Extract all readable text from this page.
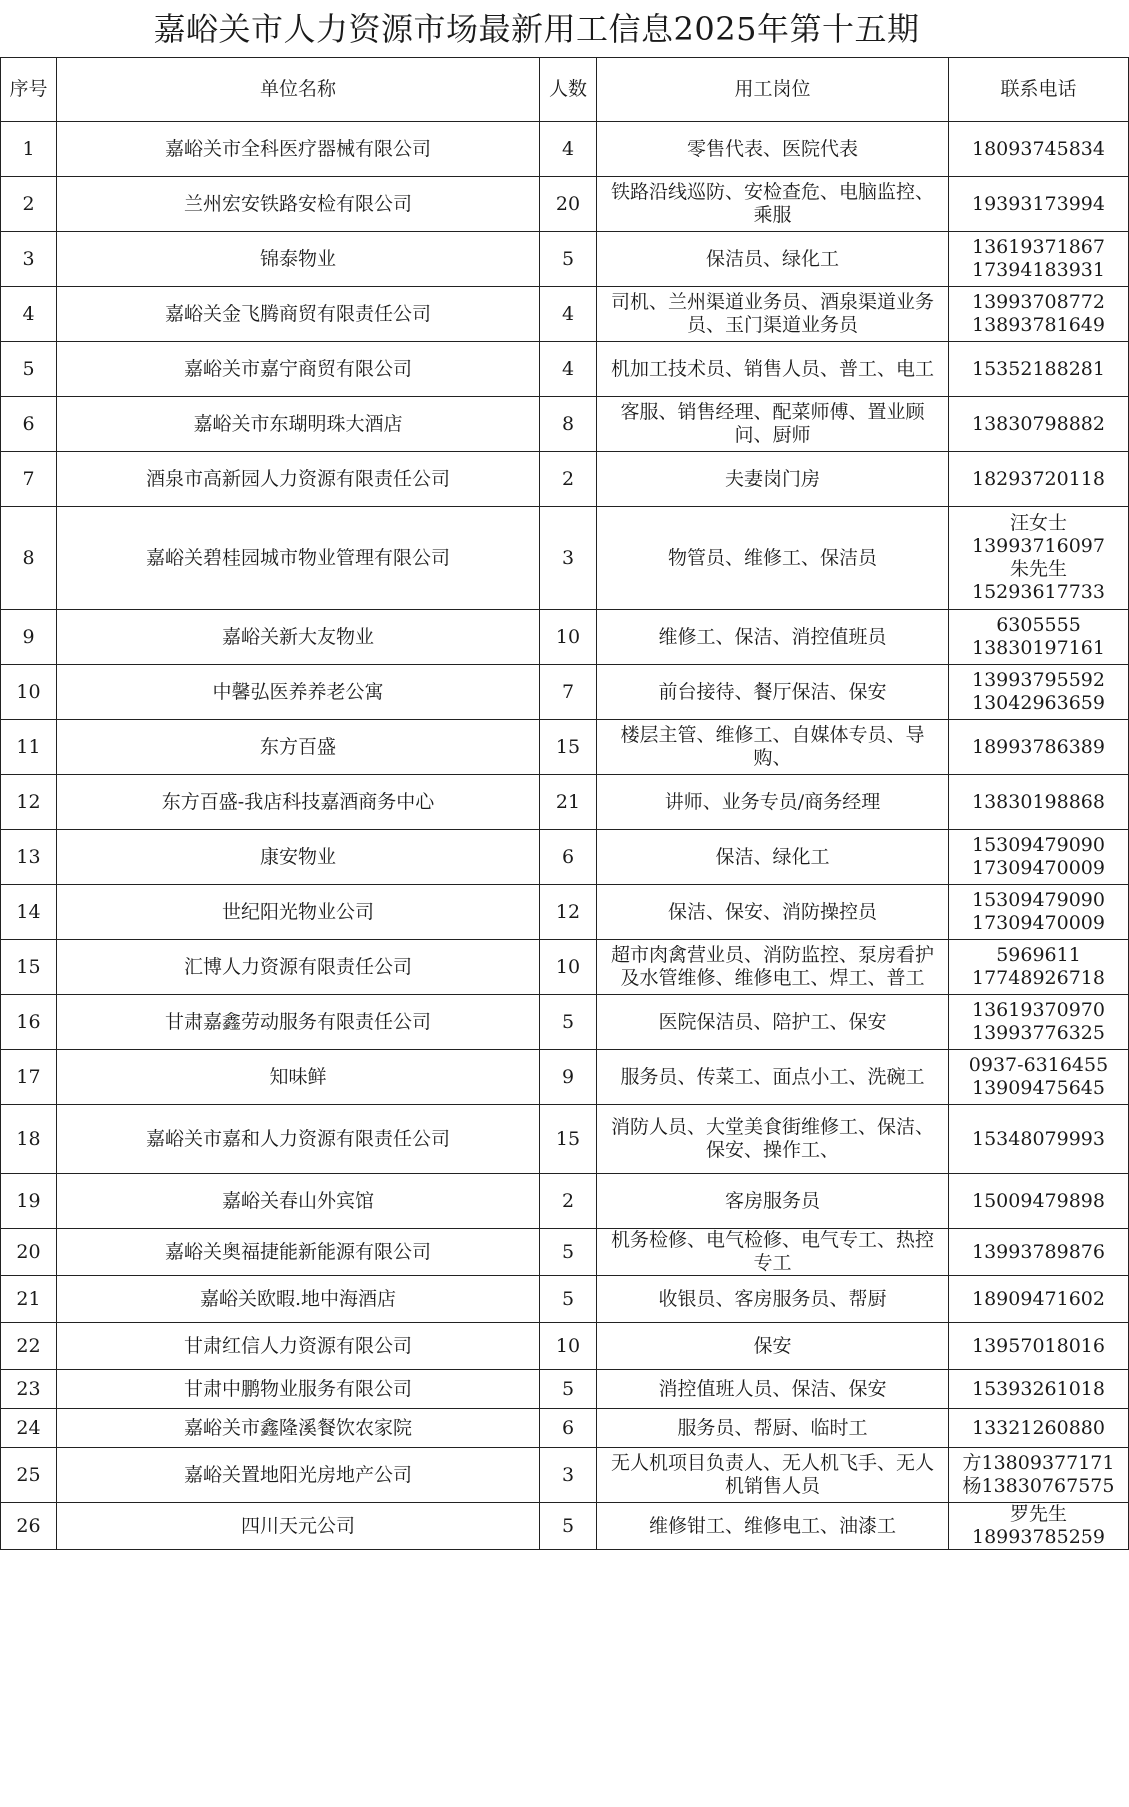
嘉峪关市人力资源市场最新用工信息2025年第十五期
序号	单位名称	人数	用工岗位	联系电话
1	嘉峪关市全科医疗器械有限公司	4	零售代表、医院代表	18093745834
2	兰州宏安铁路安检有限公司	20	铁路沿线巡防、安检查危、电脑监控、乘服	19393173994
3	锦泰物业	5	保洁员、绿化工	13619371867
17394183931
4	嘉峪关金飞腾商贸有限责任公司	4	司机、兰州渠道业务员、酒泉渠道业务员、玉门渠道业务员	13993708772
13893781649
5	嘉峪关市嘉宁商贸有限公司	4	机加工技术员、销售人员、普工、电工	15352188281
6	嘉峪关市东瑚明珠大酒店	8	客服、销售经理、配菜师傅、置业顾问、厨师	13830798882
7	酒泉市高新园人力资源有限责任公司	2	夫妻岗门房	18293720118
8	嘉峪关碧桂园城市物业管理有限公司	3	物管员、维修工、保洁员	汪女士
13993716097
朱先生
15293617733
9	嘉峪关新大友物业	10	维修工、保洁、消控值班员	6305555
13830197161
10	中馨弘医养养老公寓	7	前台接待、餐厅保洁、保安	13993795592
13042963659
11	东方百盛	15	楼层主管、维修工、自媒体专员、导购、	18993786389
12	东方百盛-我店科技嘉酒商务中心	21	讲师、业务专员/商务经理	13830198868
13	康安物业	6	保洁、绿化工	15309479090
17309470009
14	世纪阳光物业公司	12	保洁、保安、消防操控员	15309479090
17309470009
15	汇博人力资源有限责任公司	10	超市肉禽营业员、消防监控、泵房看护及水管维修、维修电工、焊工、普工	5969611
17748926718
16	甘肃嘉鑫劳动服务有限责任公司	5	医院保洁员、陪护工、保安	13619370970
13993776325
17	知味鲜	9	服务员、传菜工、面点小工、洗碗工	0937-6316455
13909475645
18	嘉峪关市嘉和人力资源有限责任公司	15	消防人员、大堂美食街维修工、保洁、保安、操作工、	15348079993
19	嘉峪关春山外宾馆	2	客房服务员	15009479898
20	嘉峪关奥福捷能新能源有限公司	5	机务检修、电气检修、电气专工、热控专工	13993789876
21	嘉峪关欧暇.地中海酒店	5	收银员、客房服务员、帮厨	18909471602
22	甘肃红信人力资源有限公司	10	保安	13957018016
23	甘肃中鹏物业服务有限公司	5	消控值班人员、保洁、保安	15393261018
24	嘉峪关市鑫隆溪餐饮农家院	6	服务员、帮厨、临时工	13321260880
25	嘉峪关置地阳光房地产公司	3	无人机项目负责人、无人机飞手、无人机销售人员	方13809377171
杨13830767575
26	四川天元公司	5	维修钳工、维修电工、油漆工	罗先生
18993785259
